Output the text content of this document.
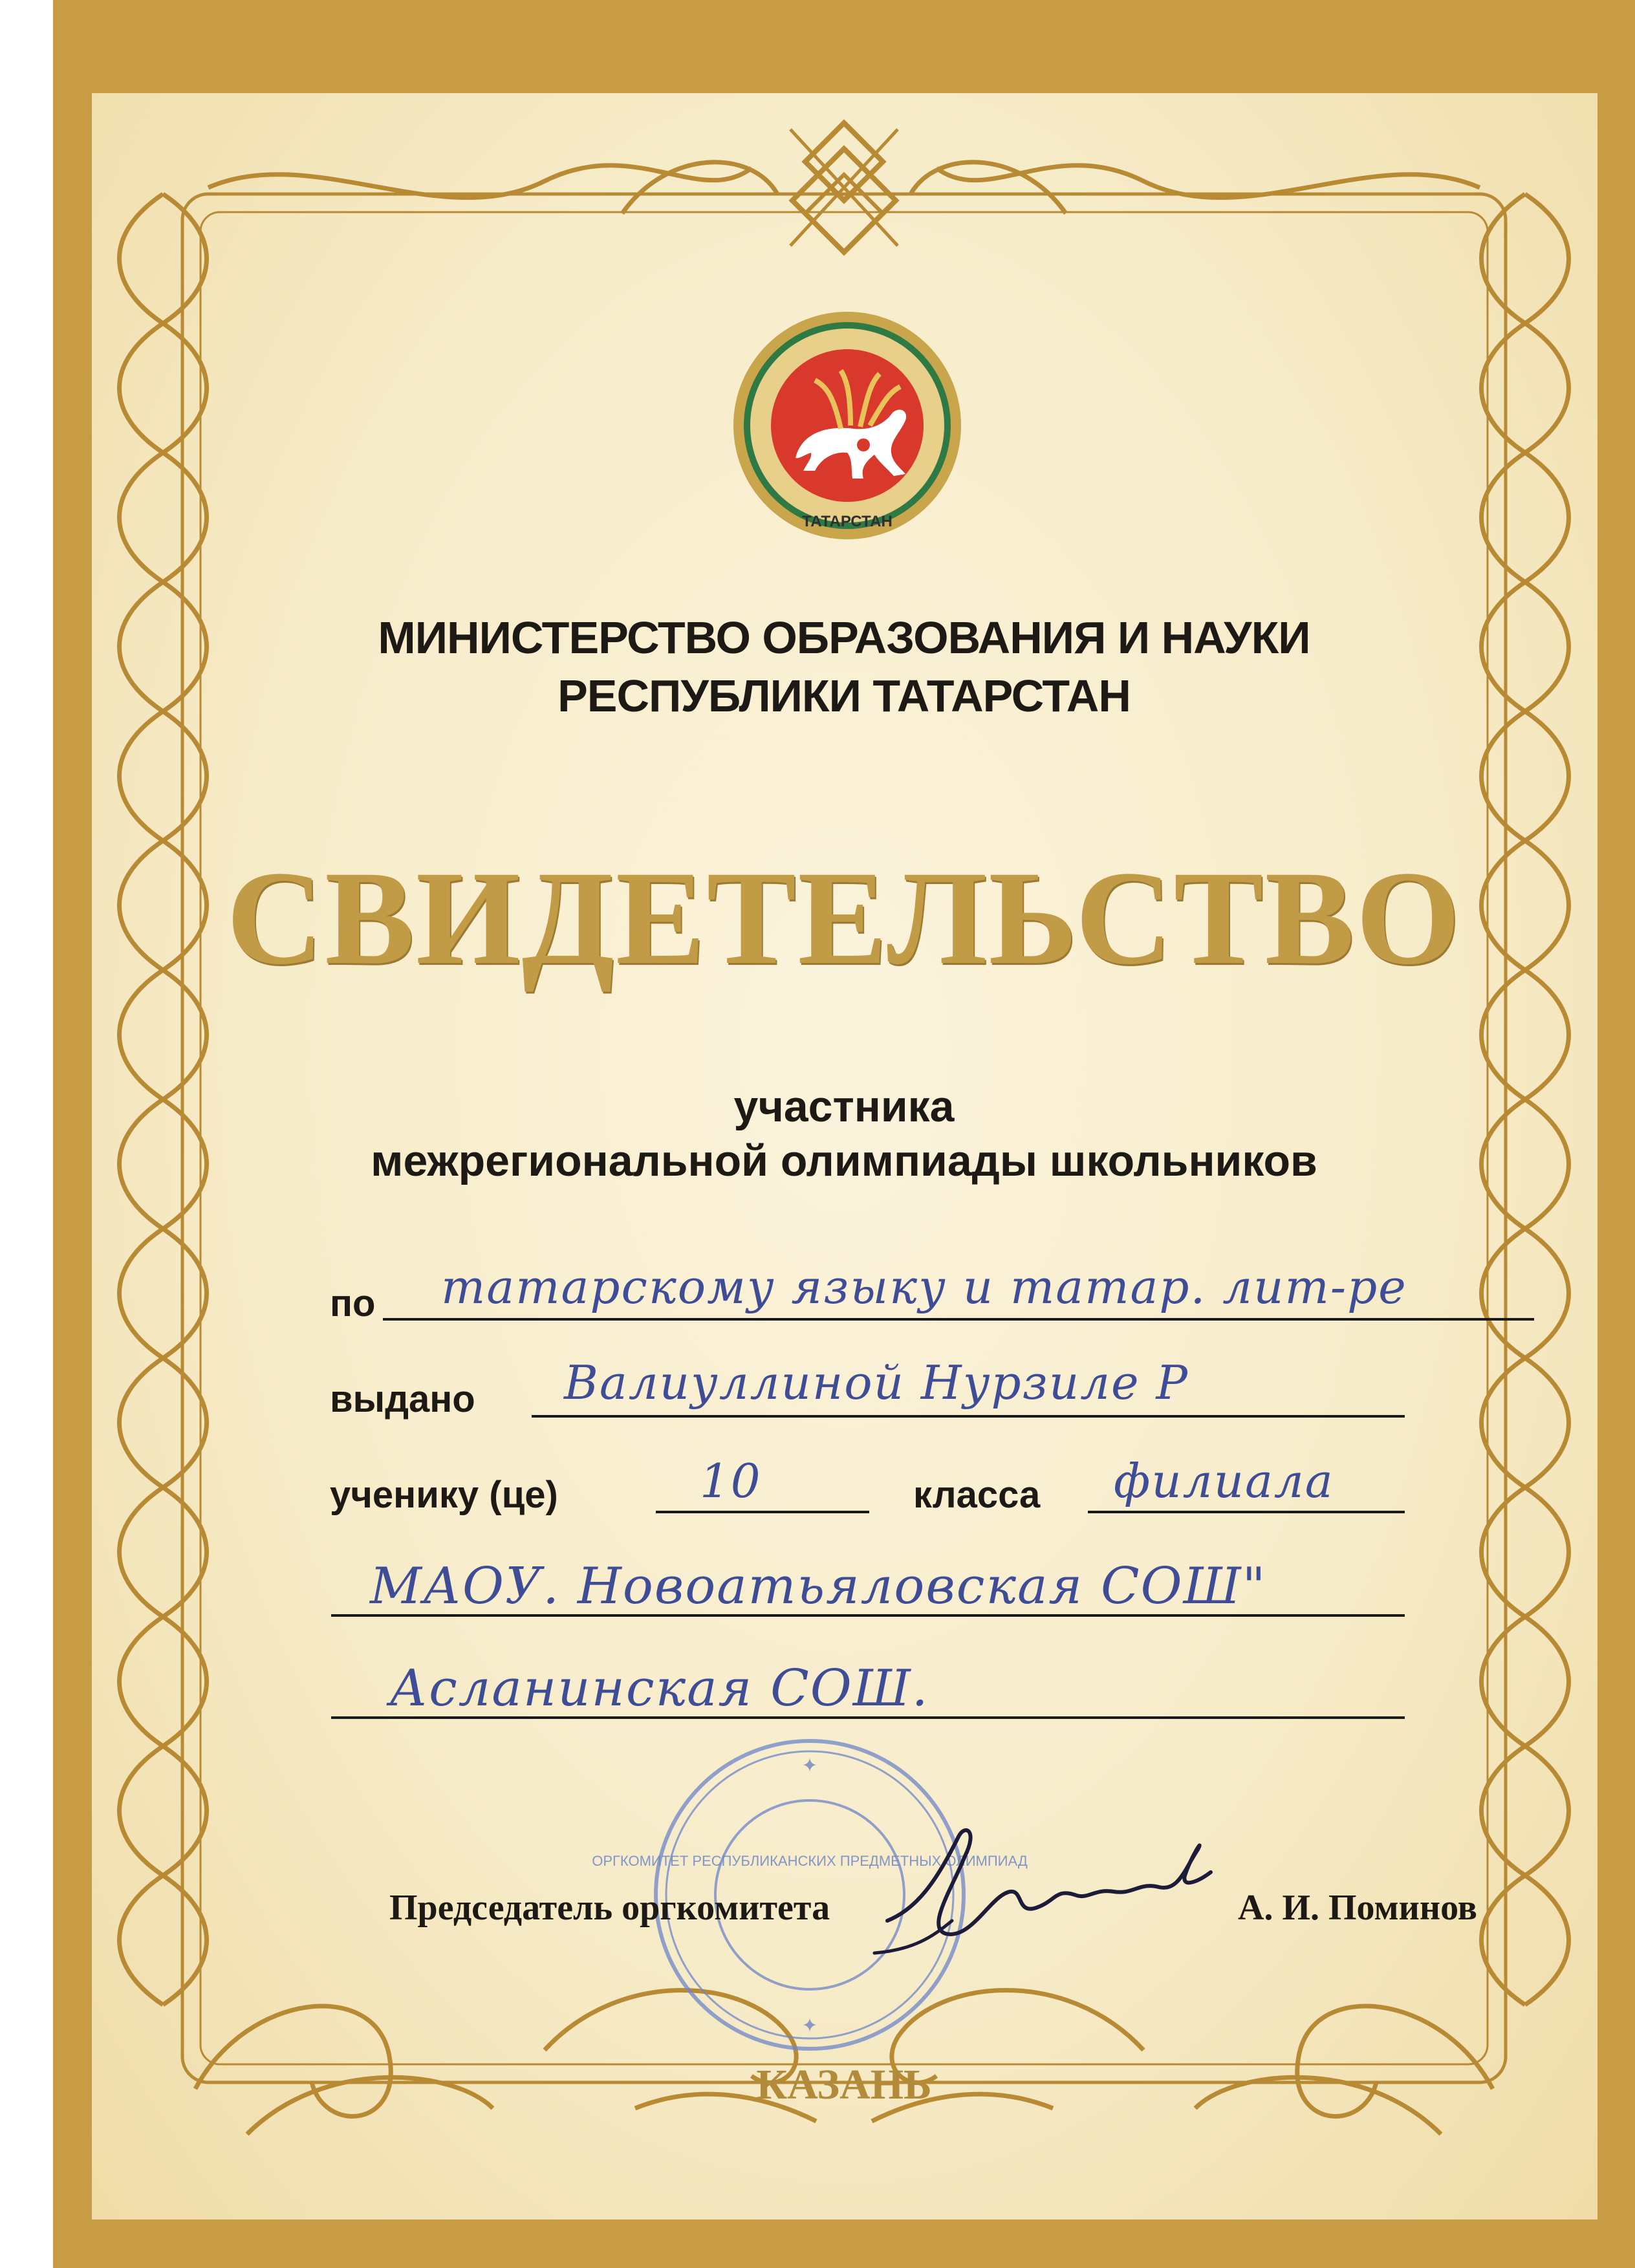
ТАТАРСТАН
МИНИСТЕРСТВО ОБРАЗОВАНИЯ И НАУКИ
РЕСПУБЛИКИ ТАТАРСТАН
СВИДЕТЕЛЬСТВО
участника
межрегиональной олимпиады школьников
по татарскому языку и татар. лит-ре
выдано Валиуллиной Нурзиле Р
ученику (це)	10	класса филиала
МАОУ. Новоатьяловская СОШ"
Асланинская СОШ.
ОРГКОМИТЕТ РЕСПУБЛИКАНСКИХ ПРЕДМЕТНЫХ ОЛИМПИАД
✦
✦
Председатель оргкомитета	А. И. Поминов
КАЗАНЬ
